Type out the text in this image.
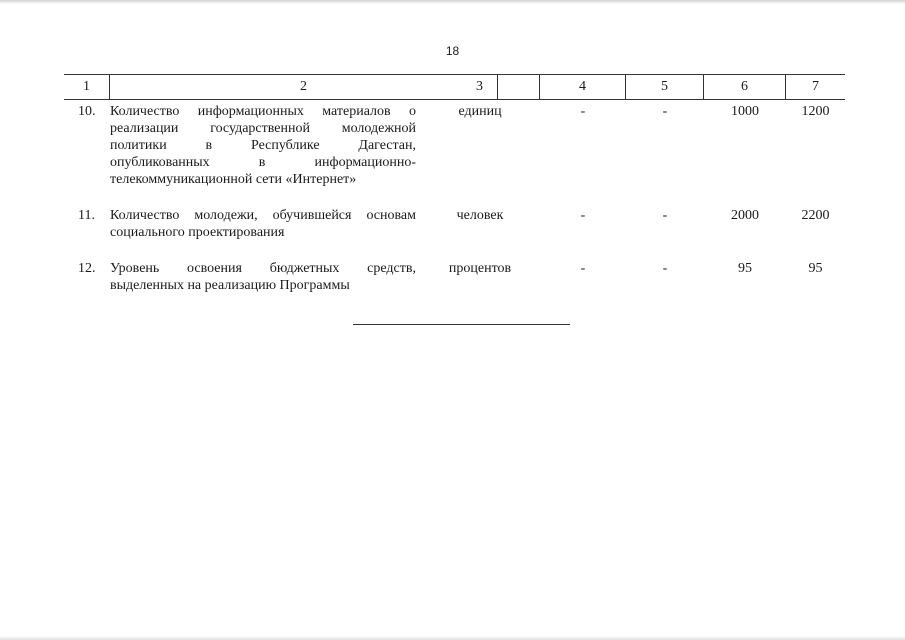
18
1	2	3	4	5	6	7
10.	Количество информационных материалов о
реализации государственной молодежной
политики в Республике Дагестан,
опубликованных в информационно-
телекоммуникационной сети «Интернет»
единиц	-	-	1000	1200
11.	Количество молодежи, обучившейся основам
социального проектирования
человек	-	-	2000	2200
12.	Уровень освоения бюджетных средств,
выделенных на реализацию Программы
процентов	-	-	95	95
